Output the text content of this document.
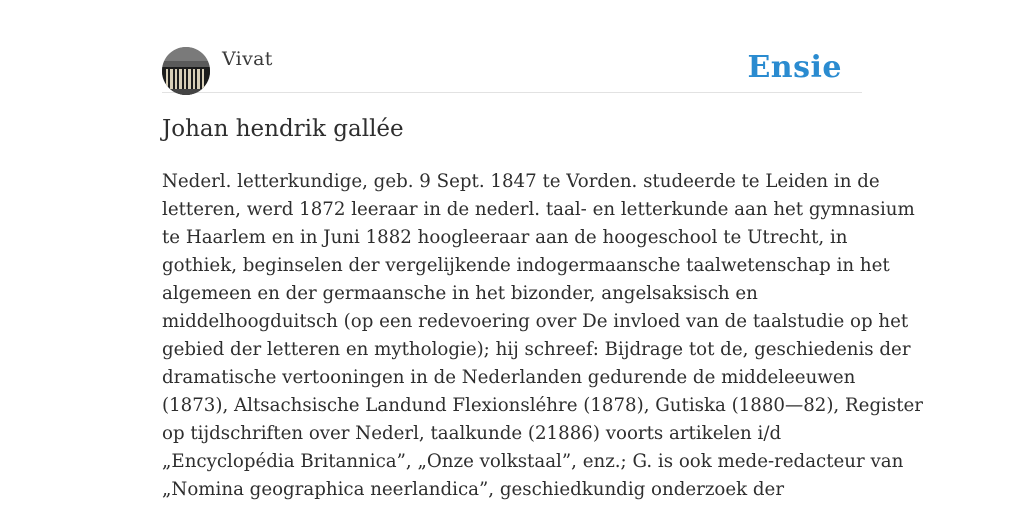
Vivat	Ensie
Johan hendrik gallée

Nederl. letterkundige, geb. 9 Sept. 1847 te Vorden. studeerde te Leiden in de
letteren, werd 1872 leeraar in de nederl. taal- en letterkunde aan het gymnasium
te Haarlem en in Juni 1882 hoogleeraar aan de hoogeschool te Utrecht, in
gothiek, beginselen der vergelijkende indogermaansche taalwetenschap in het
algemeen en der germaansche in het bizonder, angelsaksisch en
middelhoogduitsch (op een redevoering over De invloed van de taalstudie op het
gebied der letteren en mythologie); hij schreef: Bijdrage tot de, geschiedenis der
dramatische vertooningen in de Nederlanden gedurende de middeleeuwen
(1873), Altsachsische Landund Flexionsléhre (1878), Gutiska (1880—82), Register
op tijdschriften over Nederl, taalkunde (21886) voorts artikelen i/d
„Encyclopédia Britannica”, „Onze volkstaal”, enz.; G. is ook mede-redacteur van
„Nomina geographica neerlandica”, geschiedkundig onderzoek der
